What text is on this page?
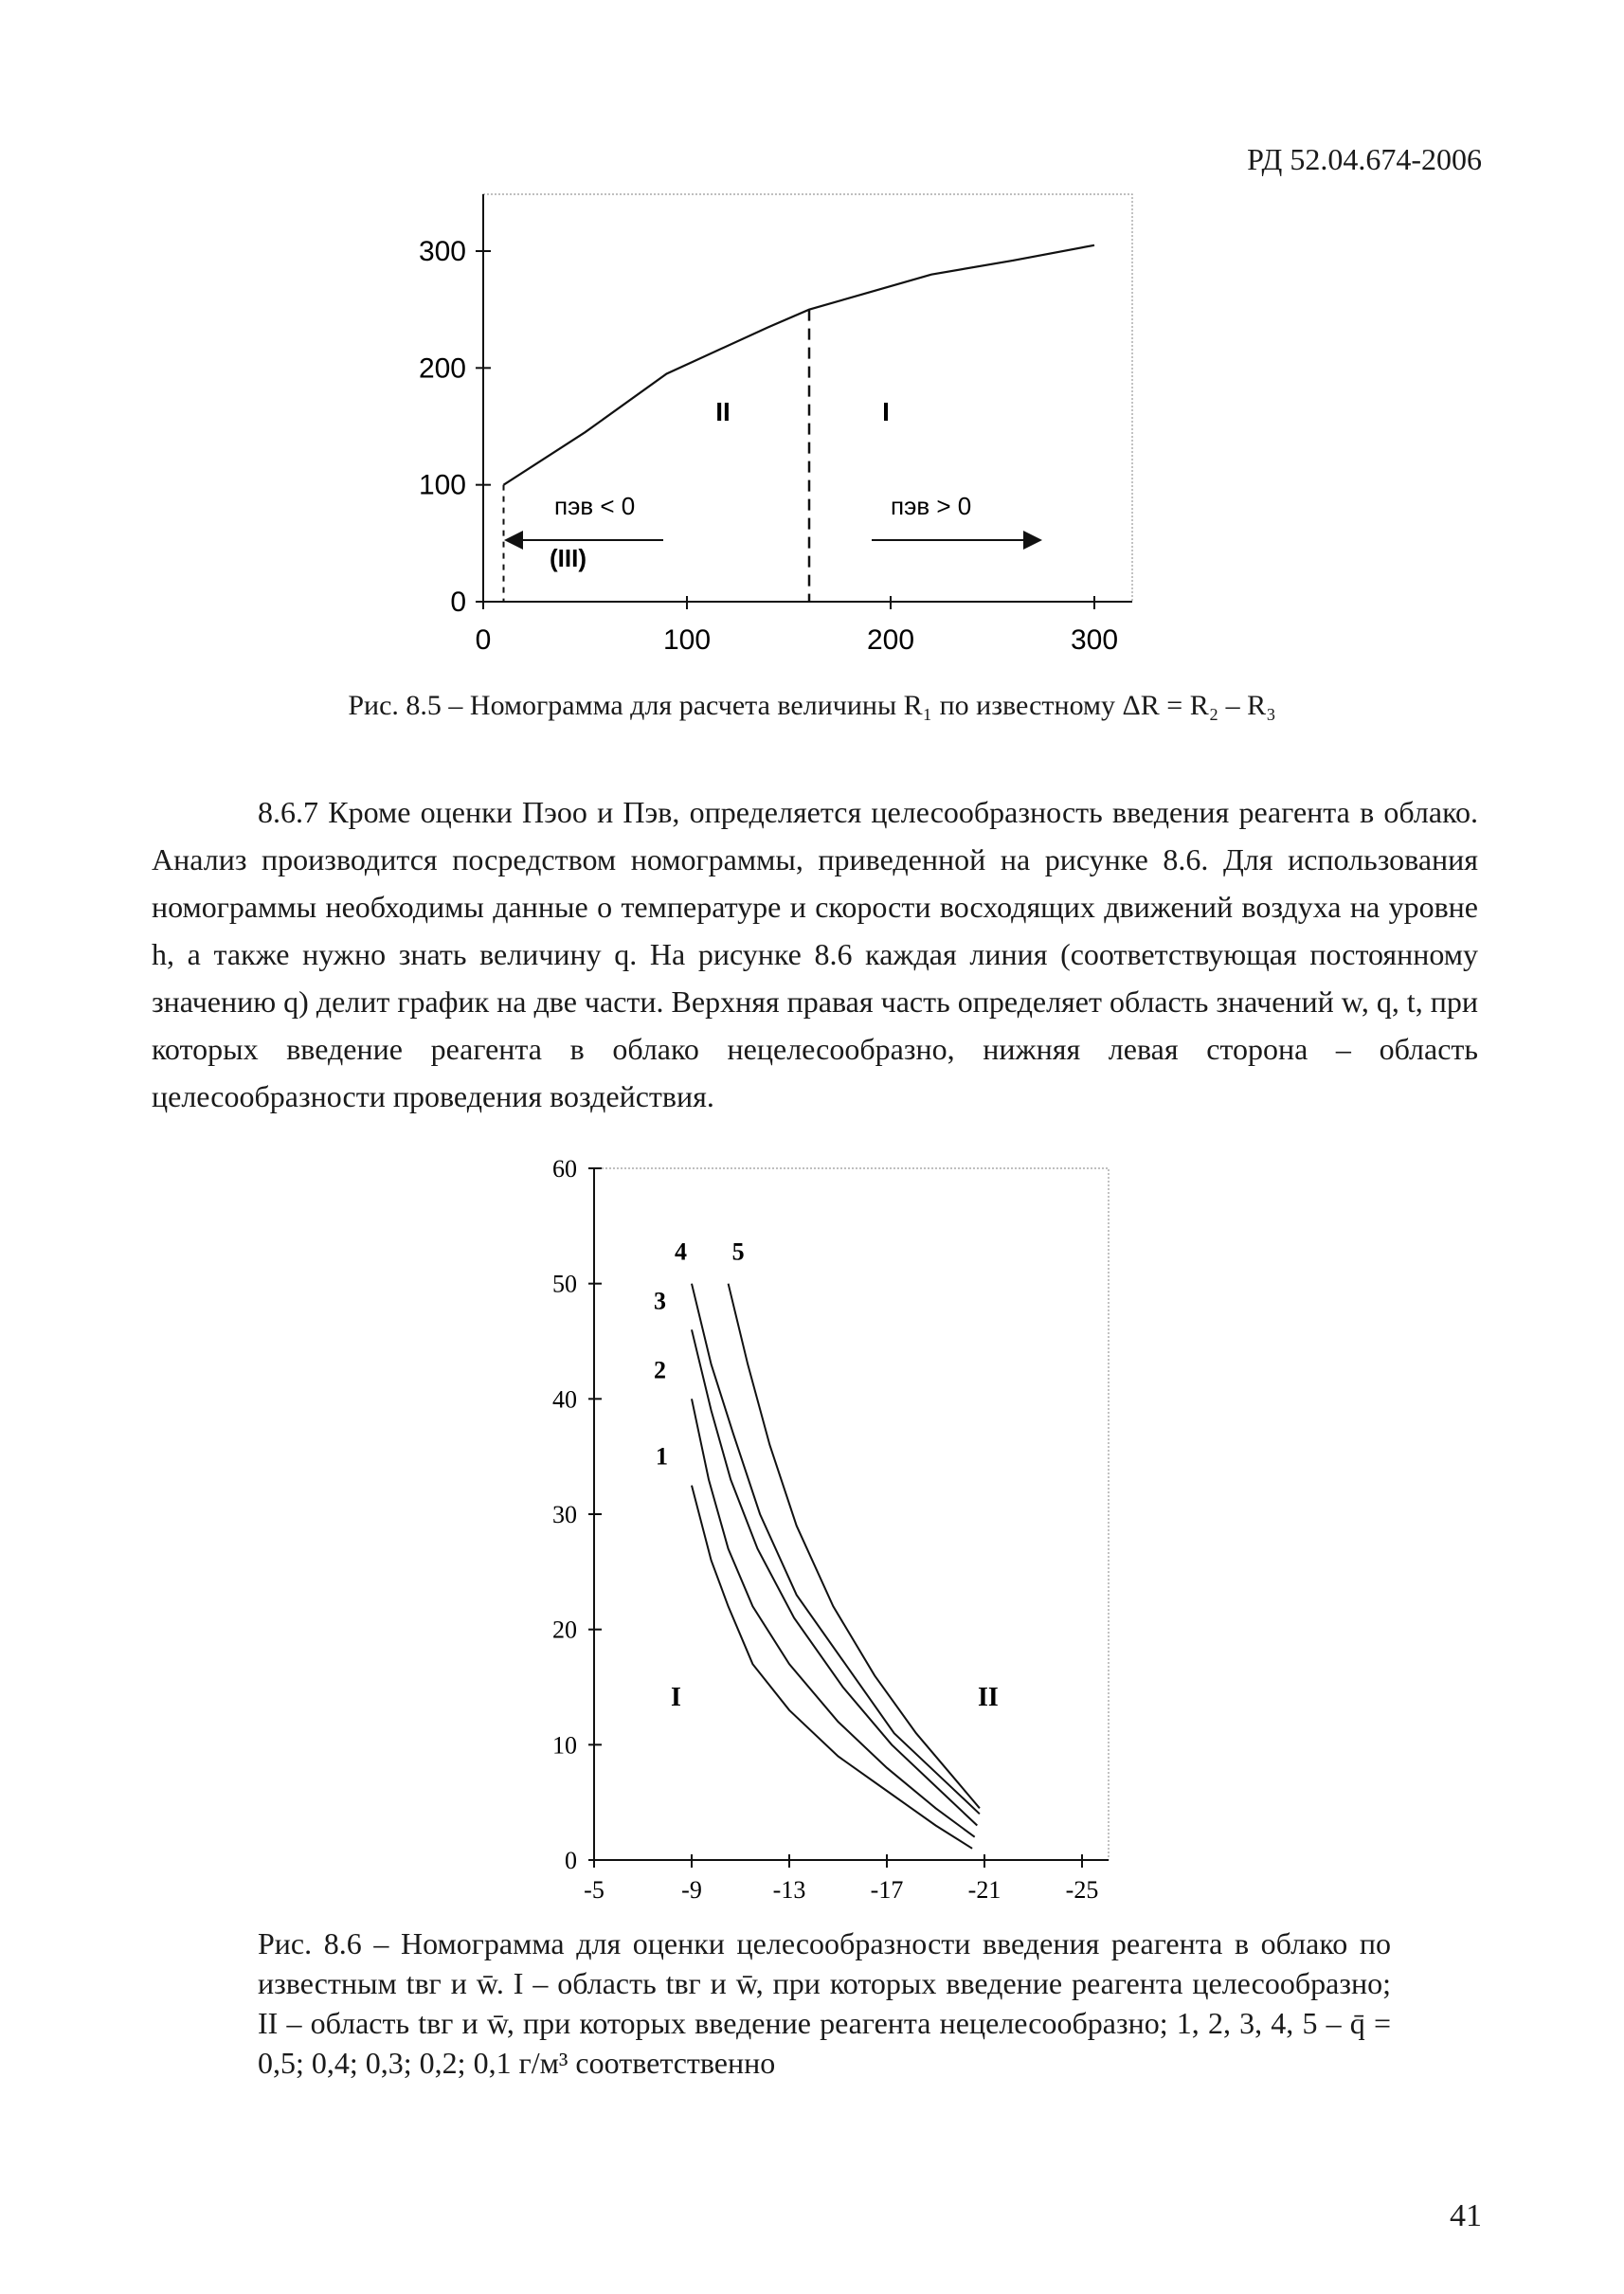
РД 52.04.674-2006
0
100
200
300
0	100	200	300
II	I
пэв < 0	пэв > 0
(III)
Рис. 8.5 – Номограмма для расчета величины R₁ по известному ΔR = R₂ – R₃

8.6.7 Кроме оценки Пэоо и Пэв, определяется целесообразность введения реагента в облако. Анализ производится посредством номограммы, приведенной на рисунке 8.6. Для использования номограммы необходимы данные о температуре и скорости восходящих движений воздуха на уровне h, а также нужно знать величину q. На рисунке 8.6 каждая линия (соответствующая постоянному значению q) делит график на две части. Верхняя правая часть определяет область значений w, q, t, при которых введение реагента в облако нецелесообразно, нижняя левая сторона – область целесообразности проведения воздействия.

0
10
20
30
40
50
60
-5	-9	-13	-17	-21	-25
1
2
3
4 5
I	II
Рис. 8.6 – Номограмма для оценки целесообразности введения реагента в облако по известным tвг и w̄. I – область tвг и w̄, при которых введение реагента целесообразно; II – область tвг и w̄, при которых введение реагента нецелесообразно; 1, 2, 3, 4, 5 – q̄ = 0,5; 0,4; 0,3; 0,2; 0,1 г/м³ соответственно
41
